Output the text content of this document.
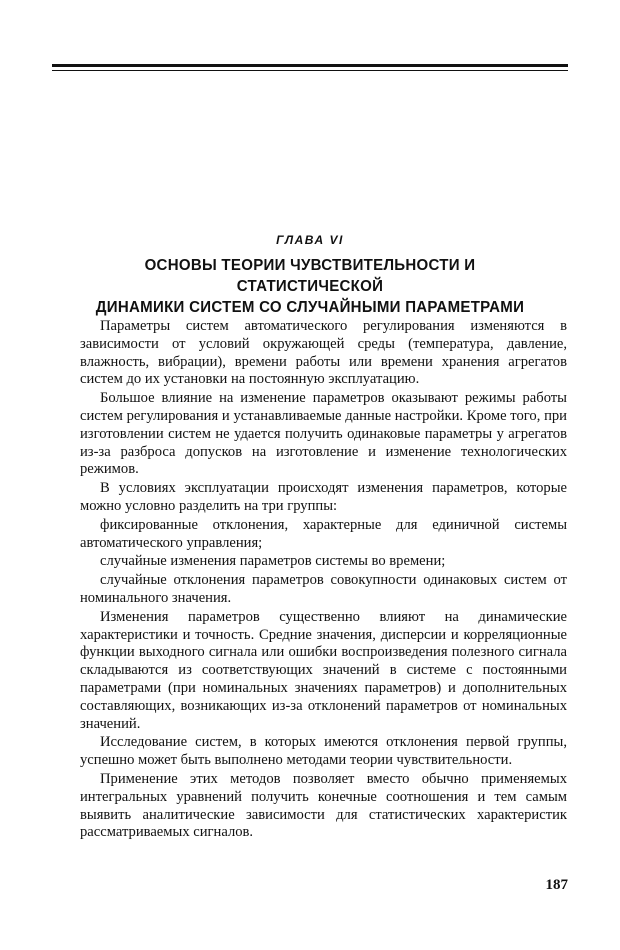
ГЛАВА VI
ОСНОВЫ ТЕОРИИ ЧУВСТВИТЕЛЬНОСТИ И СТАТИСТИЧЕСКОЙ
ДИНАМИКИ СИСТЕМ СО СЛУЧАЙНЫМИ ПАРАМЕТРАМИ

Параметры систем автоматического регулирования изменяются в зависимости от условий окружающей среды (температура, давление, влажность, вибрации), времени работы или времени хранения агрегатов систем до их установки на постоянную эксплуатацию.

Большое влияние на изменение параметров оказывают режимы работы систем регулирования и устанавливаемые данные настройки. Кроме того, при изготовлении систем не удается получить одинаковые параметры у агрегатов из-за разброса допусков на изготовление и изменение технологических режимов.

В условиях эксплуатации происходят изменения параметров, которые можно условно разделить на три группы:

фиксированные отклонения, характерные для единичной системы автоматического управления;

случайные изменения параметров системы во времени;

случайные отклонения параметров совокупности одинаковых систем от номинального значения.

Изменения параметров существенно влияют на динамические характеристики и точность. Средние значения, дисперсии и корреляционные функции выходного сигнала или ошибки воспроизведения полезного сигнала складываются из соответствующих значений в системе с постоянными параметрами (при номинальных значениях параметров) и дополнительных составляющих, возникающих из-за отклонений параметров от номинальных значений.

Исследование систем, в которых имеются отклонения первой группы, успешно может быть выполнено методами теории чувствительности.

Применение этих методов позволяет вместо обычно применяемых интегральных уравнений получить конечные соотношения и тем самым выявить аналитические зависимости для статистических характеристик рассматриваемых сигналов.

187
